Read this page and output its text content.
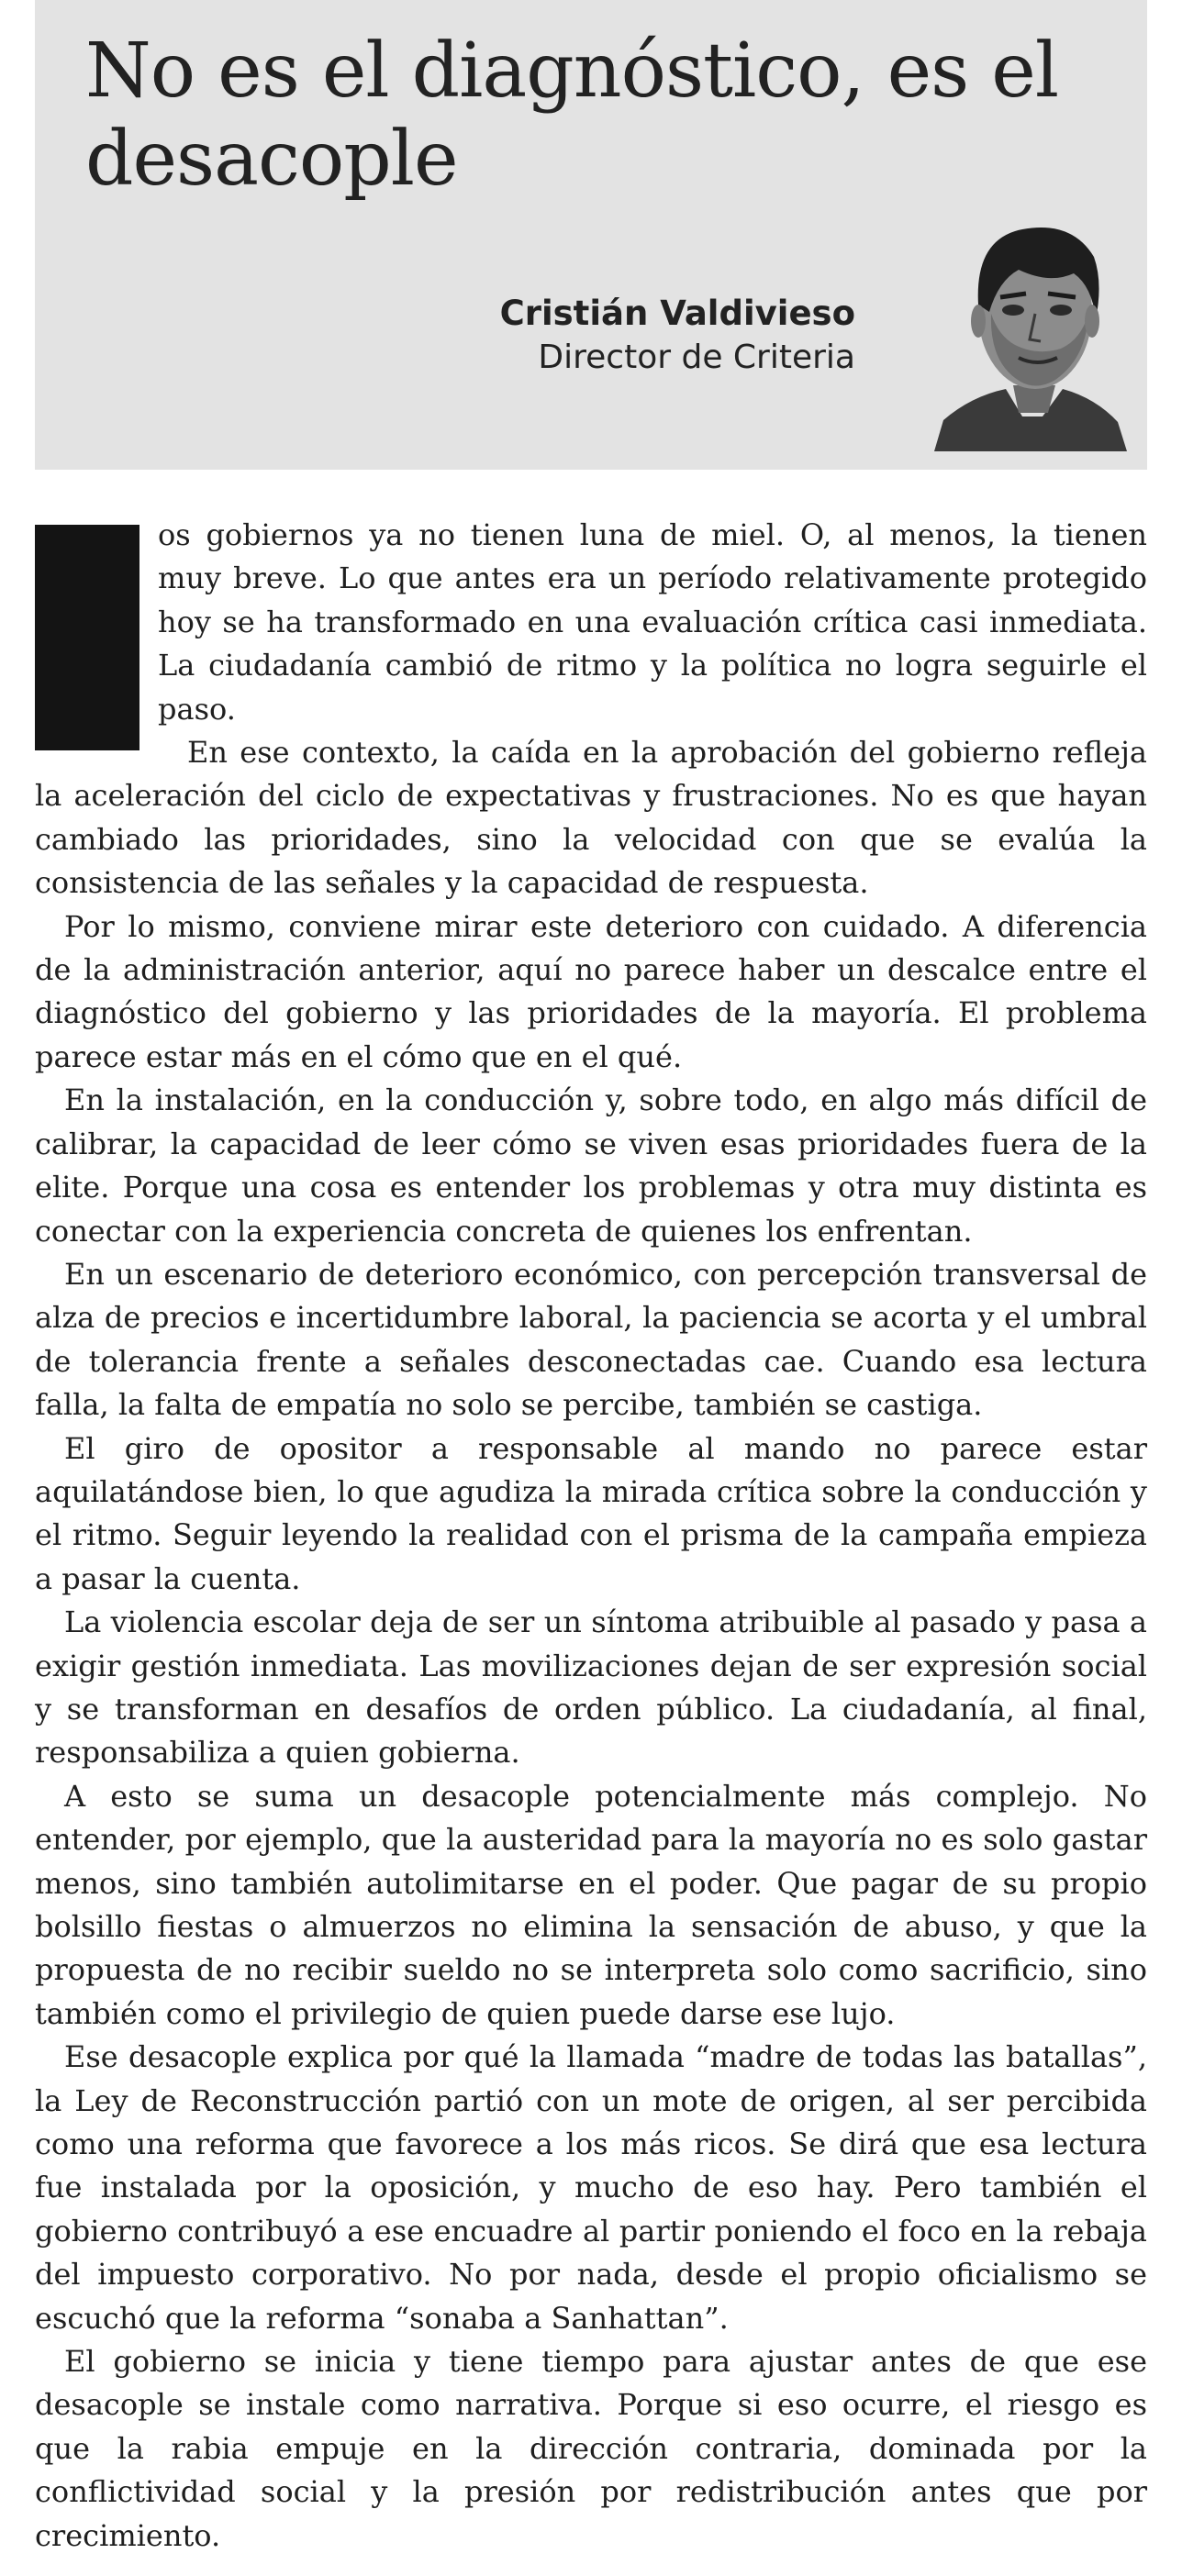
No es el diagnóstico, es el desacople
Cristián Valdivieso
Director de Criteria

os gobiernos ya no tienen luna de miel. O, al menos, la tienen muy breve. Lo que antes era un período relativamente protegido hoy se ha transformado en una evaluación crítica casi inmediata. La ciudadanía cambió de ritmo y la política no logra seguirle el paso.

En ese contexto, la caída en la aprobación del gobierno refleja la aceleración del ciclo de expectativas y frustraciones. No es que hayan cambiado las prioridades, sino la velocidad con que se evalúa la consistencia de las señales y la capacidad de respuesta.

Por lo mismo, conviene mirar este deterioro con cuidado. A diferencia de la administración anterior, aquí no parece haber un descalce entre el diagnóstico del gobierno y las prioridades de la mayoría. El problema parece estar más en el cómo que en el qué.

En la instalación, en la conducción y, sobre todo, en algo más difícil de calibrar, la capacidad de leer cómo se viven esas prioridades fuera de la elite. Porque una cosa es entender los problemas y otra muy distinta es conectar con la experiencia concreta de quienes los enfrentan.

En un escenario de deterioro económico, con percepción transversal de alza de precios e incertidumbre laboral, la paciencia se acorta y el umbral de tolerancia frente a señales desconectadas cae. Cuando esa lectura falla, la falta de empatía no solo se percibe, también se castiga.

El giro de opositor a responsable al mando no parece estar aquilatándose bien, lo que agudiza la mirada crítica sobre la conducción y el ritmo. Seguir leyendo la realidad con el prisma de la campaña empieza a pasar la cuenta.

La violencia escolar deja de ser un síntoma atribuible al pasado y pasa a exigir gestión inmediata. Las movilizaciones dejan de ser expresión social y se transforman en desafíos de orden público. La ciudadanía, al final, responsabiliza a quien gobierna.

A esto se suma un desacople potencialmente más complejo. No entender, por ejemplo, que la austeridad para la mayoría no es solo gastar menos, sino también autolimitarse en el poder. Que pagar de su propio bolsillo fiestas o almuerzos no elimina la sensación de abuso, y que la propuesta de no recibir sueldo no se interpreta solo como sacrificio, sino también como el privilegio de quien puede darse ese lujo.

Ese desacople explica por qué la llamada “madre de todas las batallas”, la Ley de Reconstrucción partió con un mote de origen, al ser percibida como una reforma que favorece a los más ricos. Se dirá que esa lectura fue instalada por la oposición, y mucho de eso hay. Pero también el gobierno contribuyó a ese encuadre al partir poniendo el foco en la rebaja del impuesto corporativo. No por nada, desde el propio oficialismo se escuchó que la reforma “sonaba a Sanhattan”.

El gobierno se inicia y tiene tiempo para ajustar antes de que ese desacople se instale como narrativa. Porque si eso ocurre, el riesgo es que la rabia empuje en la dirección contraria, dominada por la conflictividad social y la presión por redistribución antes que por crecimiento.
